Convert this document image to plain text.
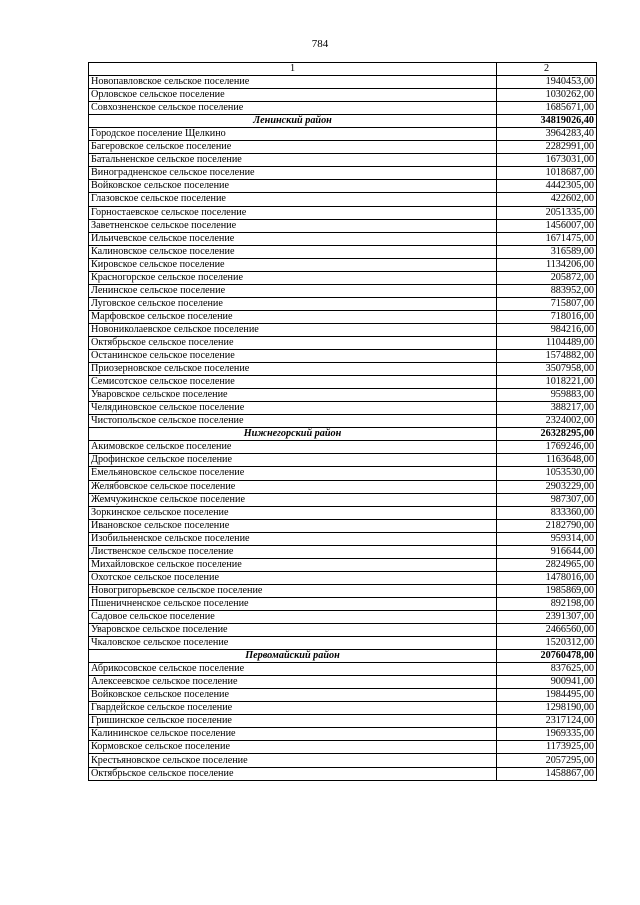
784
1	2
Новопавловское сельское поселение	1940453,00
Орловское сельское поселение	1030262,00
Совхозненское сельское поселение	1685671,00
Ленинский район	34819026,40
Городское поселение Щелкино	3964283,40
Багеровское сельское поселение	2282991,00
Батальненское сельское поселение	1673031,00
Виноградненское сельское поселение	1018687,00
Войковское сельское поселение	4442305,00
Глазовское сельское поселение	422602,00
Горностаевское сельское поселение	2051335,00
Заветненское сельское поселение	1456007,00
Ильичевское сельское поселение	1671475,00
Калиновское сельское поселение	316589,00
Кировское сельское поселение	1134206,00
Красногорское сельское поселение	205872,00
Ленинское сельское поселение	883952,00
Луговское сельское поселение	715807,00
Марфовское сельское поселение	718016,00
Новониколаевское сельское поселение	984216,00
Октябрьское сельское поселение	1104489,00
Останинское сельское поселение	1574882,00
Приозерновское сельское поселение	3507958,00
Семисотское сельское поселение	1018221,00
Уваровское сельское поселение	959883,00
Челядиновское сельское поселение	388217,00
Чистопольское сельское поселение	2324002,00
Нижнегорский район	26328295,00
Акимовское сельское поселение	1769246,00
Дрофинское сельское поселение	1163648,00
Емельяновское сельское поселение	1053530,00
Желябовское сельское поселение	2903229,00
Жемчужинское сельское поселение	987307,00
Зоркинское сельское поселение	833360,00
Ивановское сельское поселение	2182790,00
Изобильненское сельское поселение	959314,00
Лиственское сельское поселение	916644,00
Михайловское сельское поселение	2824965,00
Охотское сельское поселение	1478016,00
Новогригорьевское сельское поселение	1985869,00
Пшеничненское сельское поселение	892198,00
Садовое сельское поселение	2391307,00
Уваровское сельское поселение	2466560,00
Чкаловское сельское поселение	1520312,00
Первомайский район	20760478,00
Абрикосовское сельское поселение	837625,00
Алексеевское сельское поселение	900941,00
Войковское сельское поселение	1984495,00
Гвардейское сельское поселение	1298190,00
Гришинское сельское поселение	2317124,00
Калининское сельское поселение	1969335,00
Кормовское сельское поселение	1173925,00
Крестьяновское сельское поселение	2057295,00
Октябрьское сельское поселение	1458867,00
